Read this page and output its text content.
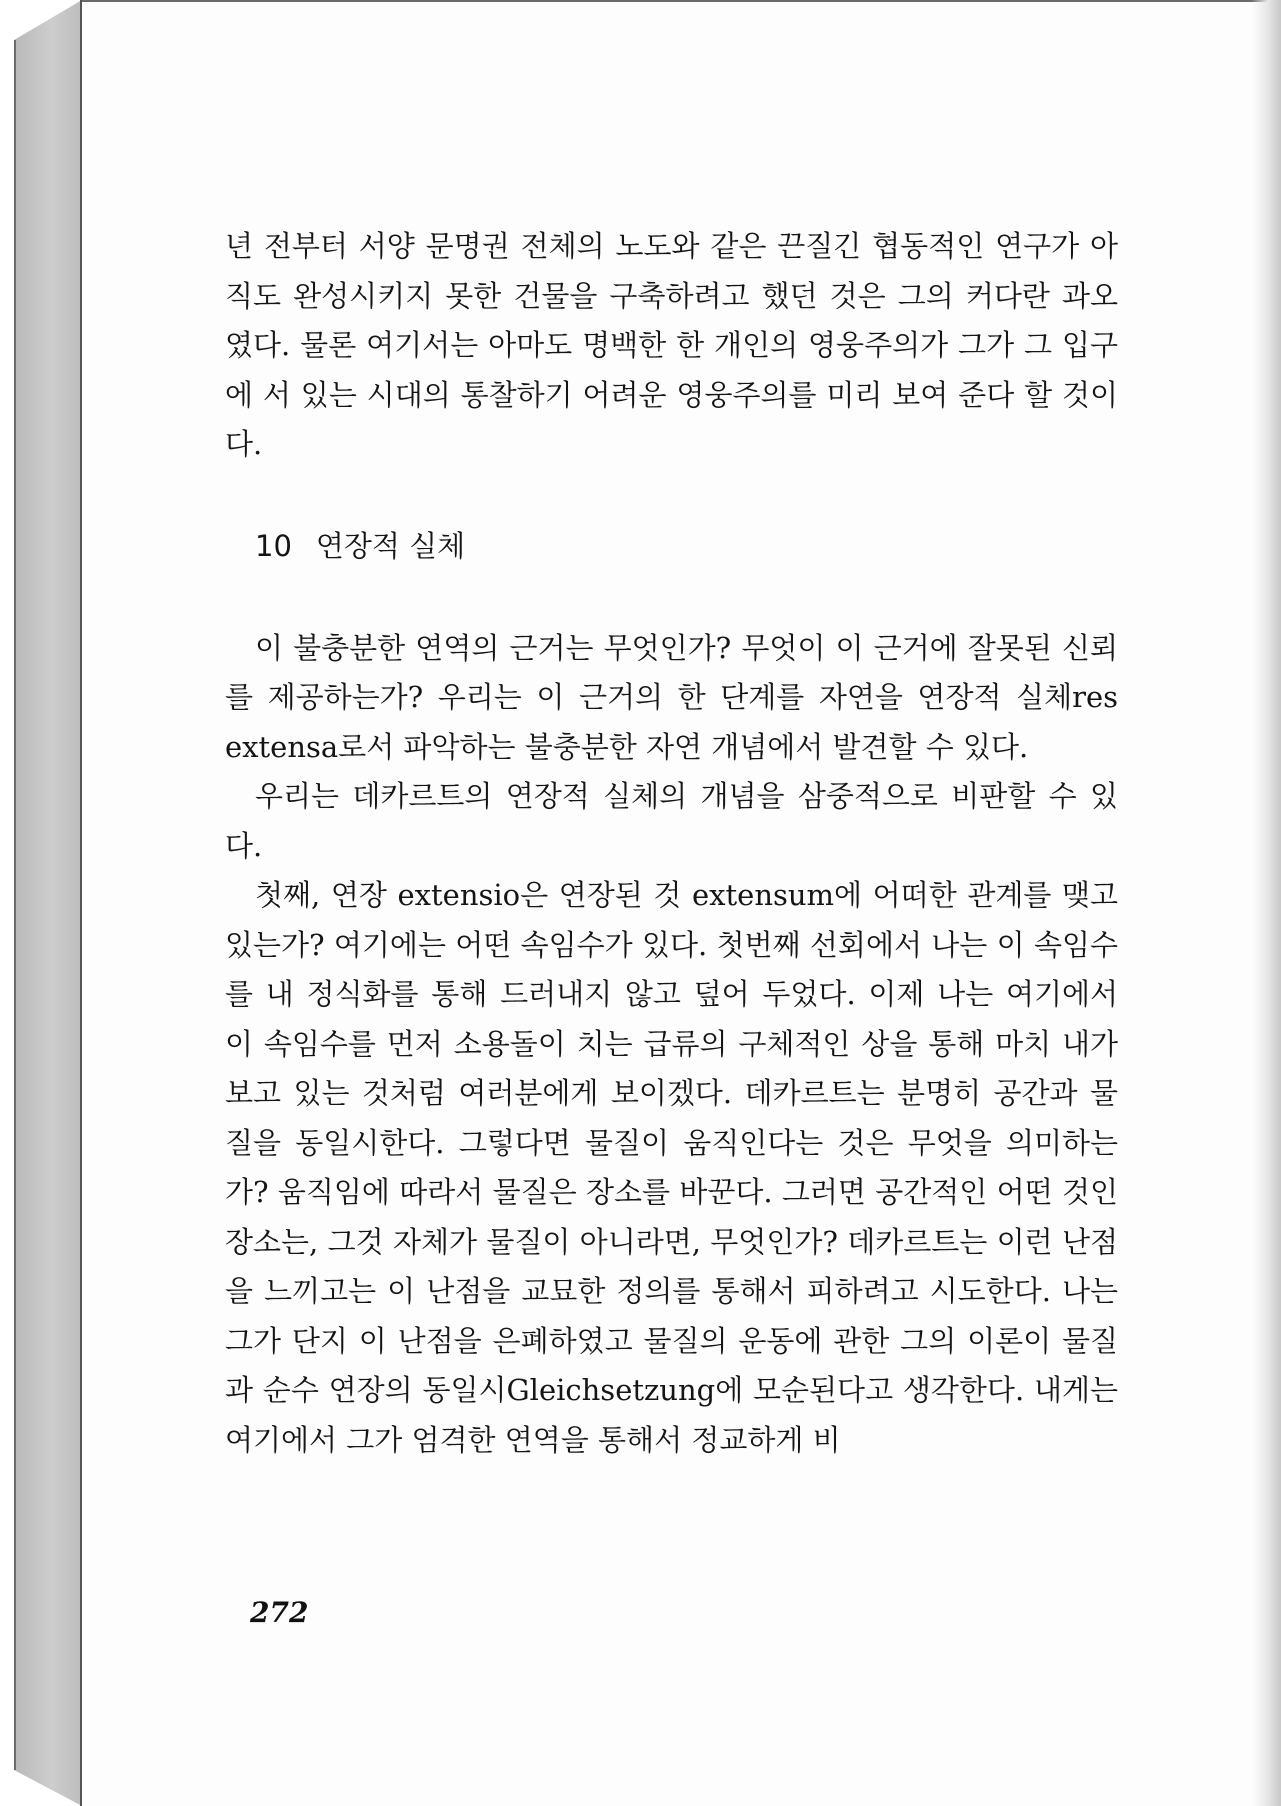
년 전부터 서양 문명권 전체의 노도와 같은 끈질긴 협동적인 연구가 아직도 완성시키지 못한 건물을 구축하려고 했던 것은 그의 커다란 과오였다. 물론 여기서는 아마도 명백한 한 개인의 영웅주의가 그가 그 입구에 서 있는 시대의 통찰하기 어려운 영웅주의를 미리 보여 준다 할 것이다.

10 연장적 실체

이 불충분한 연역의 근거는 무엇인가? 무엇이 이 근거에 잘못된 신뢰를 제공하는가? 우리는 이 근거의 한 단계를 자연을 연장적 실체res extensa로서 파악하는 불충분한 자연 개념에서 발견할 수 있다.

우리는 데카르트의 연장적 실체의 개념을 삼중적으로 비판할 수 있다.

첫째, 연장 extensio은 연장된 것 extensum에 어떠한 관계를 맺고 있는가? 여기에는 어떤 속임수가 있다. 첫번째 선회에서 나는 이 속임수를 내 정식화를 통해 드러내지 않고 덮어 두었다. 이제 나는 여기에서 이 속임수를 먼저 소용돌이 치는 급류의 구체적인 상을 통해 마치 내가 보고 있는 것처럼 여러분에게 보이겠다. 데카르트는 분명히 공간과 물질을 동일시한다. 그렇다면 물질이 움직인다는 것은 무엇을 의미하는가? 움직임에 따라서 물질은 장소를 바꾼다. 그러면 공간적인 어떤 것인 장소는, 그것 자체가 물질이 아니라면, 무엇인가? 데카르트는 이런 난점을 느끼고는 이 난점을 교묘한 정의를 통해서 피하려고 시도한다. 나는 그가 단지 이 난점을 은폐하였고 물질의 운동에 관한 그의 이론이 물질과 순수 연장의 동일시Gleichsetzung에 모순된다고 생각한다. 내게는 여기에서 그가 엄격한 연역을 통해서 정교하게 비

272
